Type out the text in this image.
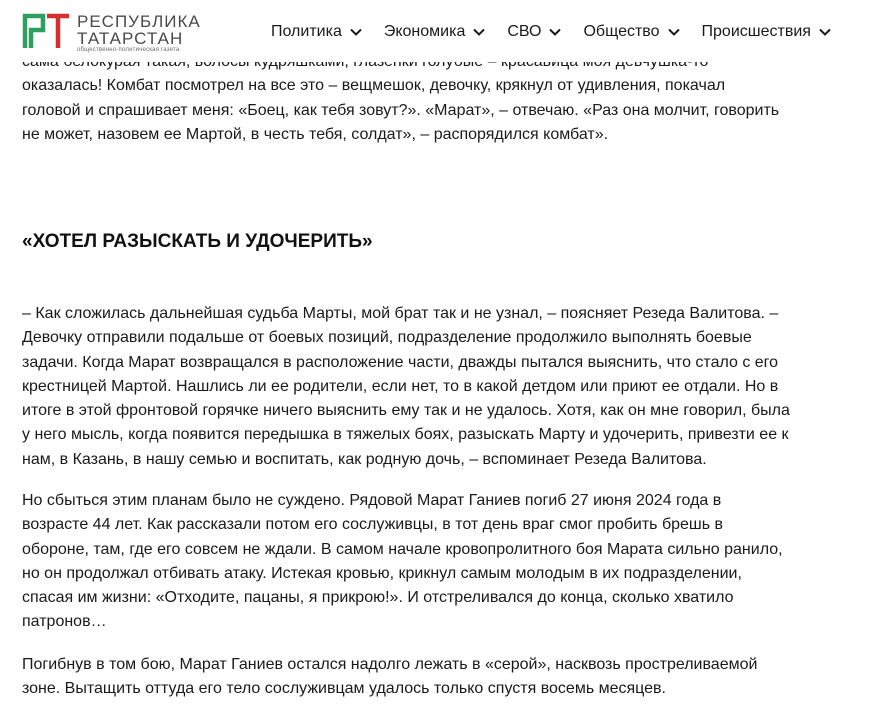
оказалась! Комбат посмотрел на все это – вещмешок, девочку, крякнул от удивления, покачал
головой и спрашивает меня: «Боец, как тебя зовут?». «Марат», – отвечаю. «Раз она молчит, говорить
не может, назовем ее Мартой, в честь тебя, солдат», – распорядился комбат».

«ХОТЕЛ РАЗЫСКАТЬ И УДОЧЕРИТЬ»

– Как сложилась дальнейшая судьба Марты, мой брат так и не узнал, – поясняет Резеда Валитова. –
Девочку отправили подальше от боевых позиций, подразделение продолжило выполнять боевые
задачи. Когда Марат возвращался в расположение части, дважды пытался выяснить, что стало с его
крестницей Мартой. Нашлись ли ее родители, если нет, то в какой детдом или приют ее отдали. Но в
итоге в этой фронтовой горячке ничего выяснить ему так и не удалось. Хотя, как он мне говорил, была
у него мысль, когда появится передышка в тяжелых боях, разыскать Марту и удочерить, привезти ее к
нам, в Казань, в нашу семью и воспитать, как родную дочь, – вспоминает Резеда Валитова.

Но сбыться этим планам было не суждено. Рядовой Марат Ганиев погиб 27 июня 2024 года в
возрасте 44 лет. Как рассказали потом его сослуживцы, в тот день враг смог пробить брешь в
обороне, там, где его совсем не ждали. В самом начале кровопролитного боя Марата сильно ранило,
но он продолжал отбивать атаку. Истекая кровью, крикнул самым молодым в их подразделении,
спасая им жизни: «Отходите, пацаны, я прикрою!». И отстреливался до конца, сколько хватило
патронов…

Погибнув в том бою, Марат Ганиев остался надолго лежать в «серой», насквозь простреливаемой
зоне. Вытащить оттуда его тело сослуживцам удалось только спустя восемь месяцев.

РЕСПУБЛИКА
ТАТАРСТАН
общественно-политическая газета
Политика	Экономика	СВО	Общество	Происшествия
